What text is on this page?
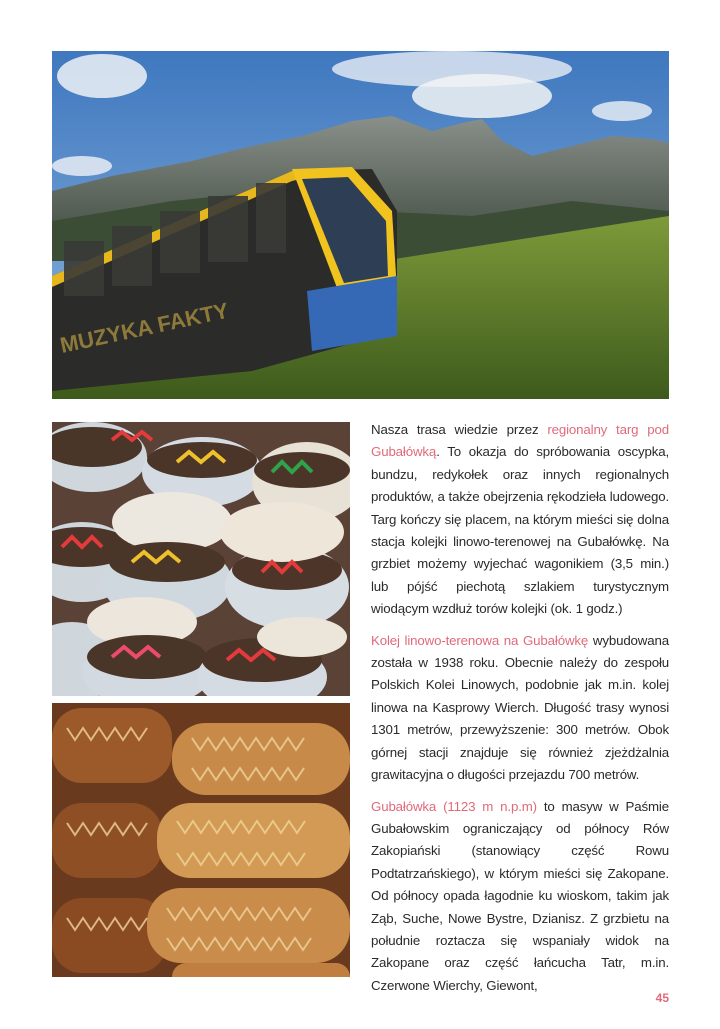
MUZYKA FAKTY

Nasza trasa wiedzie przez regionalny targ pod Gubałówką. To okazja do spróbowania oscypka, bundzu, redykołek oraz innych regionalnych produktów, a także obejrzenia rękodzieła ludowego. Targ kończy się placem, na którym mieści się dolna stacja kolejki linowo-terenowej na Gubałówkę. Na grzbiet możemy wyjechać wagonikiem (3,5 min.) lub pójść piechotą szlakiem turystycznym wiodącym wzdłuż torów kolejki (ok. 1 godz.)

Kolej linowo-terenowa na Gubałówkę wybudowana została w 1938 roku. Obecnie należy do zespołu Polskich Kolei Linowych, podobnie jak m.in. kolej linowa na Kasprowy Wierch. Długość trasy wynosi 1301 metrów, przewyższenie: 300 metrów. Obok górnej stacji znajduje się również zjeżdżalnia grawitacyjna o długości przejazdu 700 metrów.

Gubałówka (1123 m n.p.m) to masyw w Paśmie Gubałowskim ograniczający od północy Rów Zakopiański (stanowiący część Rowu Podtatrzańskiego), w którym mieści się Zakopane. Od północy opada łagodnie ku wioskom, takim jak Ząb, Suche, Nowe Bystre, Dzianisz. Z grzbietu na południe roztacza się wspaniały widok na Zakopane oraz część łańcucha Tatr, m.in. Czerwone Wierchy, Giewont,

45
